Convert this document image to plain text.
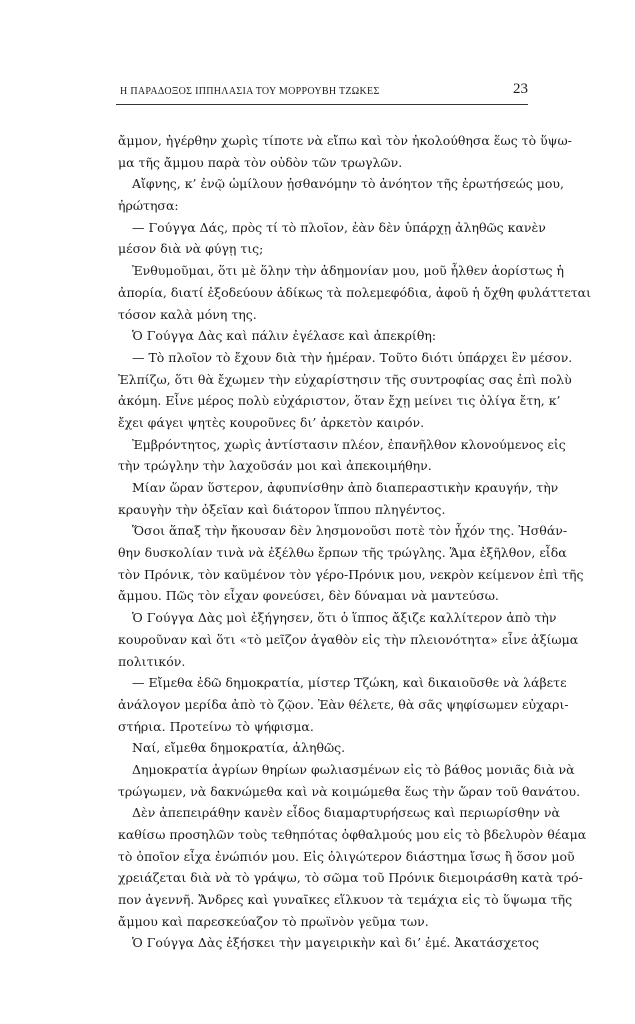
Η ΠΑΡΑΔΟΞΟΣ ΙΠΠΗΛΑΣΙΑ ΤΟΥ ΜΟΡΡΟΥΒΗ ΤΖΩΚΕΣ	23
ἄμμον, ἠγέρθην χωρὶς τίποτε νὰ εἴπω καὶ τὸν ἠκολούθησα ἕως τὸ ὕψω-
μα τῆς ἄμμου παρὰ τὸν οὐδὸν τῶν τρωγλῶν.
Αἴφνης, κ’ ἐνῷ ὡμίλουν ᾐσθανόμην τὸ ἀνόητον τῆς ἐρωτήσεώς μου,
ἠρώτησα:
— Γούγγα Δάς, πρὸς τί τὸ πλοῖον, ἐὰν δὲν ὑπάρχῃ ἀληθῶς κανὲν
μέσον διὰ νὰ φύγῃ τις;
Ἐνθυμοῦμαι, ὅτι μὲ ὅλην τὴν ἀδημονίαν μου, μοῦ ἦλθεν ἀορίστως ἡ
ἀπορία, διατί ἐξοδεύουν ἀδίκως τὰ πολεμεφόδια, ἀφοῦ ἡ ὄχθη φυλάττεται
τόσον καλὰ μόνη της.
Ὁ Γούγγα Δὰς καὶ πάλιν ἐγέλασε καὶ ἀπεκρίθη:
— Τὸ πλοῖον τὸ ἔχουν διὰ τὴν ἡμέραν. Τοῦτο διότι ὑπάρχει ἓν μέσον.
Ἐλπίζω, ὅτι θὰ ἔχωμεν τὴν εὐχαρίστησιν τῆς συντροφίας σας ἐπὶ πολὺ
ἀκόμη. Εἶνε μέρος πολὺ εὐχάριστον, ὅταν ἔχῃ μείνει τις ὀλίγα ἔτη, κ’
ἔχει φάγει ψητὲς κουροῦνες δι’ ἀρκετὸν καιρόν.
Ἐμβρόντητος, χωρὶς ἀντίστασιν πλέον, ἐπανῆλθον κλονούμενος εἰς
τὴν τρώγλην τὴν λαχοῦσάν μοι καὶ ἀπεκοιμήθην.
Μίαν ὥραν ὕστερον, ἀφυπνίσθην ἀπὸ διαπεραστικὴν κραυγήν, τὴν
κραυγὴν τὴν ὀξεῖαν καὶ διάτορον ἵππου πληγέντος.
Ὅσοι ἅπαξ τὴν ἤκουσαν δὲν λησμονοῦσι ποτὲ τὸν ἦχόν της. Ἠσθάν-
θην δυσκολίαν τινὰ νὰ ἐξέλθω ἔρπων τῆς τρώγλης. Ἅμα ἐξῆλθον, εἶδα
τὸν Πρόνικ, τὸν καϋμένον τὸν γέρο-Πρόνικ μου, νεκρὸν κείμενον ἐπὶ τῆς
ἄμμου. Πῶς τὸν εἶχαν φονεύσει, δὲν δύναμαι νὰ μαντεύσω.
Ὁ Γούγγα Δὰς μοὶ ἐξήγησεν, ὅτι ὁ ἵππος ἄξιζε καλλίτερον ἀπὸ τὴν
κουροῦναν καὶ ὅτι «τὸ μεῖζον ἀγαθὸν εἰς τὴν πλειονότητα» εἶνε ἀξίωμα
πολιτικόν.
— Εἴμεθα ἐδῶ δημοκρατία, μίστερ Τζώκη, καὶ δικαιοῦσθε νὰ λάβετε
ἀνάλογον μερίδα ἀπὸ τὸ ζῷον. Ἐὰν θέλετε, θὰ σᾶς ψηφίσωμεν εὐχαρι-
στήρια. Προτείνω τὸ ψήφισμα.
Ναί, εἴμεθα δημοκρατία, ἀληθῶς.
Δημοκρατία ἀγρίων θηρίων φωλιασμένων εἰς τὸ βάθος μονιᾶς διὰ νὰ
τρώγωμεν, νὰ δακνώμεθα καὶ νὰ κοιμώμεθα ἕως τὴν ὥραν τοῦ θανάτου.
Δὲν ἀπεπειράθην κανὲν εἶδος διαμαρτυρήσεως καὶ περιωρίσθην νὰ
καθίσω προσηλῶν τοὺς τεθηπότας ὀφθαλμούς μου εἰς τὸ βδελυρὸν θέαμα
τὸ ὁποῖον εἶχα ἐνώπιόν μου. Εἰς ὀλιγώτερον διάστημα ἴσως ἢ ὅσον μοῦ
χρειάζεται διὰ νὰ τὸ γράψω, τὸ σῶμα τοῦ Πρόνικ διεμοιράσθη κατὰ τρό-
πον ἀγεννῆ. Ἄνδρες καὶ γυναῖκες εἵλκυον τὰ τεμάχια εἰς τὸ ὕψωμα τῆς
ἄμμου καὶ παρεσκεύαζον τὸ πρωϊνὸν γεῦμα των.
Ὁ Γούγγα Δὰς ἐξήσκει τὴν μαγειρικὴν καὶ δι’ ἐμέ. Ἀκατάσχετος
